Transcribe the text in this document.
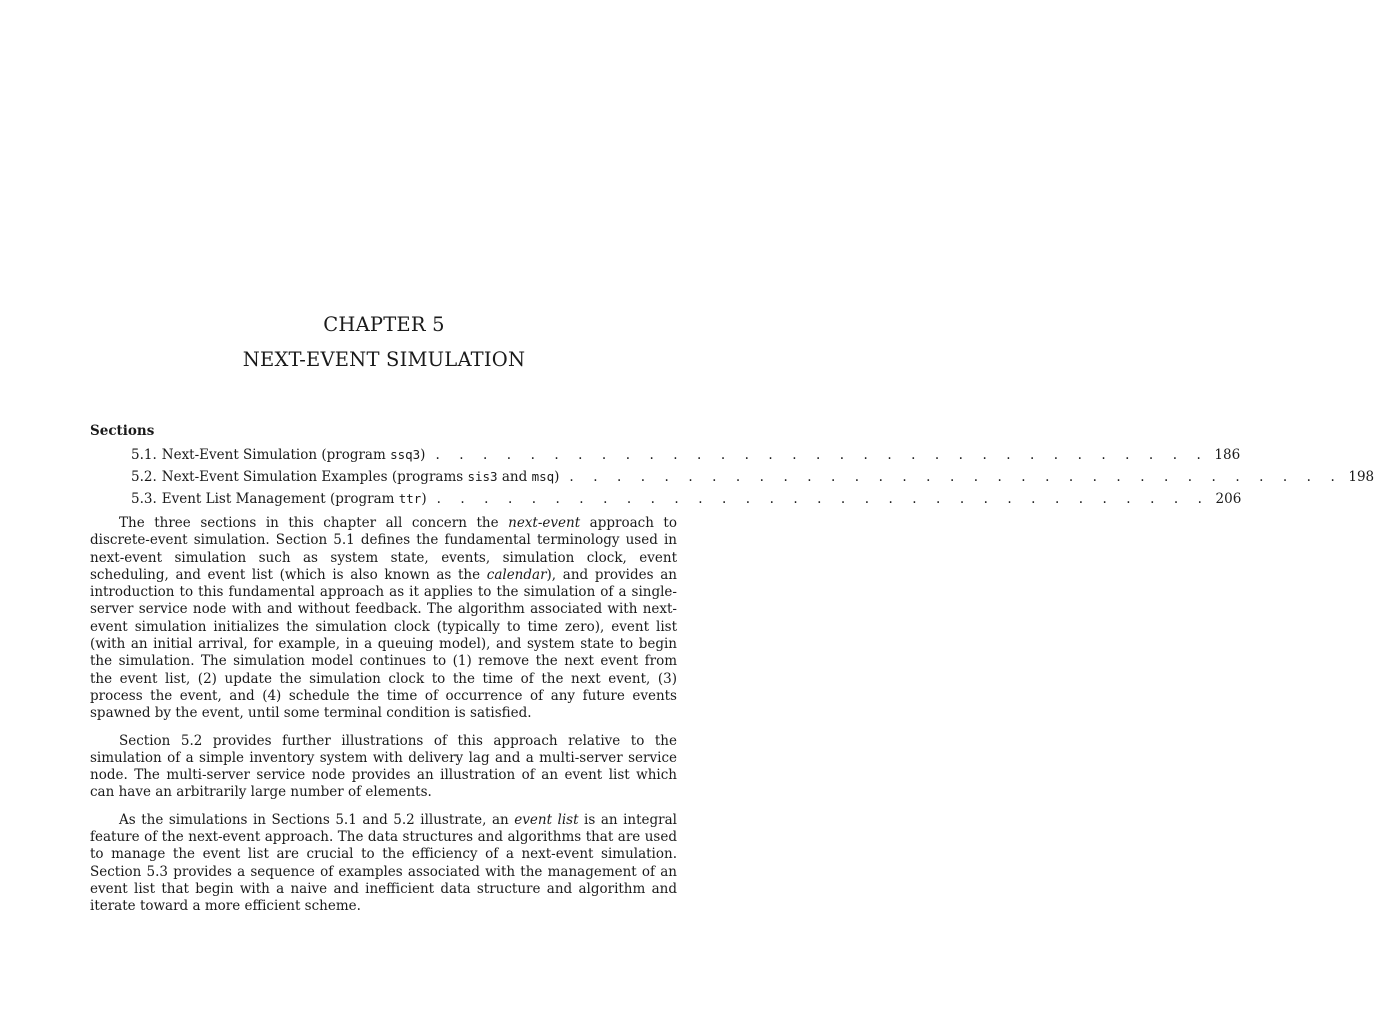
CHAPTER 5
NEXT-EVENT SIMULATION
Sections
5.1. Next-Event Simulation (program ssq3) . . . . . . . . . . . . . . . . . . . . . . . . . . . . . . . . . 186
5.2. Next-Event Simulation Examples (programs sis3 and msq) . . . . . . . . . . . . . . . . . . . . . . . . . . . . . . . . . 198
5.3. Event List Management (program ttr) . . . . . . . . . . . . . . . . . . . . . . . . . . . . . . . . . 206

The three sections in this chapter all concern the next-event approach to discrete-event simulation. Section 5.1 defines the fundamental terminology used in next-event simulation such as system state, events, simulation clock, event scheduling, and event list (which is also known as the calendar), and provides an introduction to this fundamental approach as it applies to the simulation of a single-server service node with and without feedback. The algorithm associated with next-event simulation initializes the simulation clock (typically to time zero), event list (with an initial arrival, for example, in a queuing model), and system state to begin the simulation. The simulation model continues to (1) remove the next event from the event list, (2) update the simulation clock to the time of the next event, (3) process the event, and (4) schedule the time of occurrence of any future events spawned by the event, until some terminal condition is satisfied.

Section 5.2 provides further illustrations of this approach relative to the simulation of a simple inventory system with delivery lag and a multi-server service node. The multi-server service node provides an illustration of an event list which can have an arbitrarily large number of elements.

As the simulations in Sections 5.1 and 5.2 illustrate, an event list is an integral feature of the next-event approach. The data structures and algorithms that are used to manage the event list are crucial to the efficiency of a next-event simulation. Section 5.3 provides a sequence of examples associated with the management of an event list that begin with a naive and inefficient data structure and algorithm and iterate toward a more efficient scheme.
